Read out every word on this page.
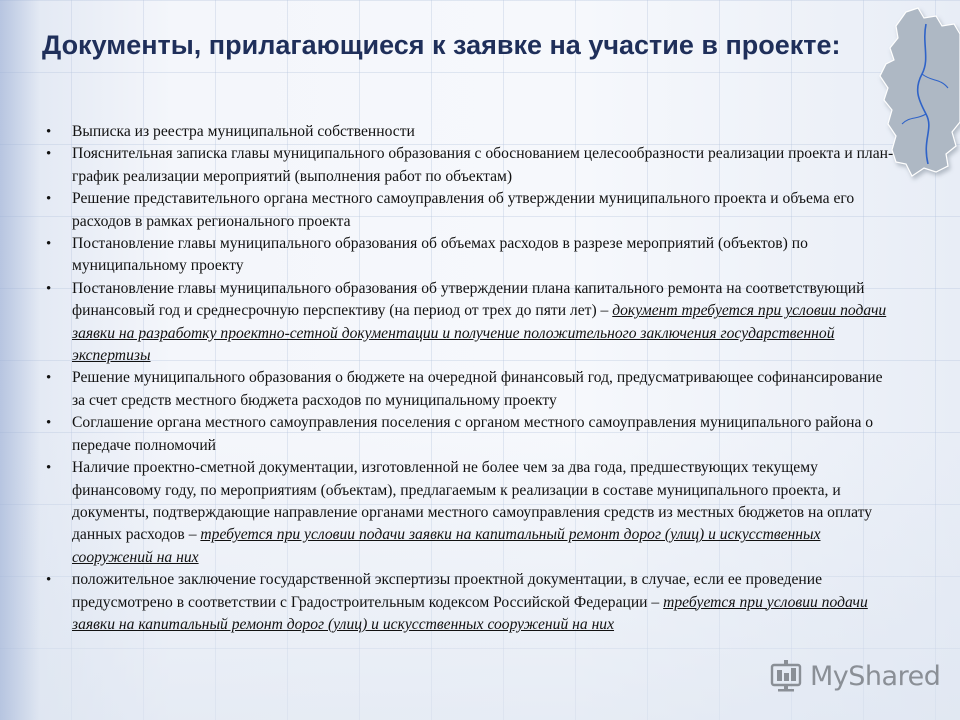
Документы, прилагающиеся к заявке на участие в проекте:
• Выписка из реестра муниципальной собственности
• Пояснительная записка главы муниципального образования с обоснованием целесообразности реализации проекта и план-график реализации мероприятий (выполнения работ по объектам)
• Решение представительного органа местного самоуправления об утверждении муниципального проекта и объема его расходов в рамках регионального проекта
• Постановление главы муниципального образования об объемах расходов в разрезе мероприятий (объектов) по муниципальному проекту
• Постановление главы муниципального образования об утверждении плана капитального ремонта на соответствующий финансовый год и среднесрочную перспективу (на период от трех до пяти лет) – документ требуется при условии подачи заявки на разработку проектно-сетной документации и получение положительного заключения государственной экспертизы
• Решение муниципального образования о бюджете на очередной финансовый год, предусматривающее софинансирование за счет средств местного бюджета расходов по муниципальному проекту
• Соглашение органа местного самоуправления поселения с органом местного самоуправления муниципального района о передаче полномочий
• Наличие проектно-сметной документации, изготовленной не более чем за два года, предшествующих текущему финансовому году, по мероприятиям (объектам), предлагаемым к реализации в составе муниципального проекта, и документы, подтверждающие направление органами местного самоуправления средств из местных бюджетов на оплату данных расходов – требуется при условии подачи заявки на капитальный ремонт дорог (улиц) и искусственных сооружений на них
• положительное заключение государственной экспертизы проектной документации, в случае, если ее проведение предусмотрено в соответствии с Градостроительным кодексом Российской Федерации – требуется при условии подачи заявки на капитальный ремонт дорог (улиц) и искусственных сооружений на них
MyShared
